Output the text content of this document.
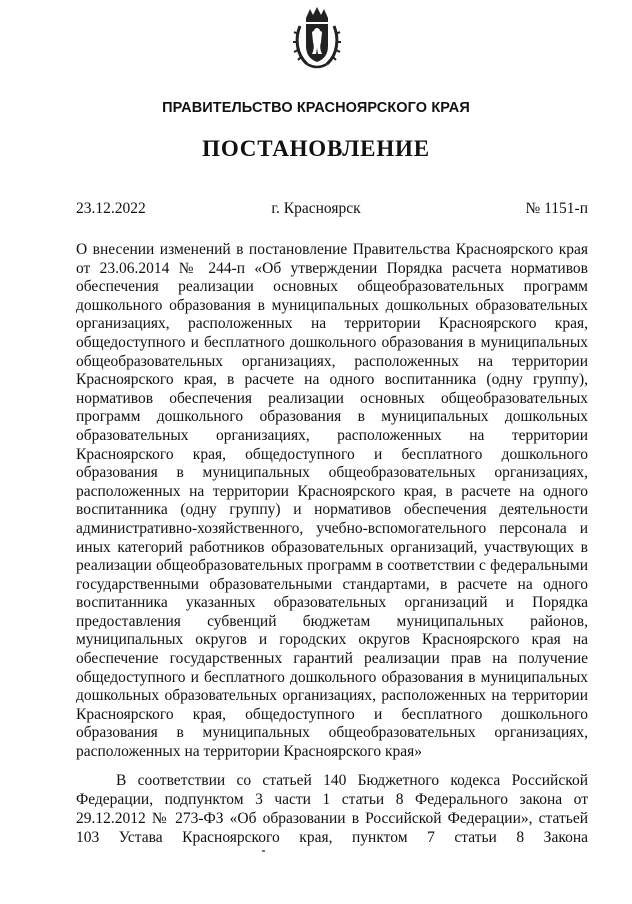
ПРАВИТЕЛЬСТВО КРАСНОЯРСКОГО КРАЯ
ПОСТАНОВЛЕНИЕ
23.12.2022	г. Красноярск	№ 1151-п
О внесении изменений в постановление Правительства Красноярского края от 23.06.2014 № 244-п «Об утверждении Порядка расчета нормативов обеспечения реализации основных общеобразовательных программ дошкольного образования в муниципальных дошкольных образовательных организациях, расположенных на территории Красноярского края, общедоступного и бесплатного дошкольного образования в муниципальных общеобразовательных организациях, расположенных на территории Красноярского края, в расчете на одного воспитанника (одну группу), нормативов обеспечения реализации основных общеобразовательных программ дошкольного образования в муниципальных дошкольных образовательных организациях, расположенных на территории Красноярского края, общедоступного и бесплатного дошкольного образования в муниципальных общеобразовательных организациях, расположенных на территории Красноярского края, в расчете на одного воспитанника (одну группу) и нормативов обеспечения деятельности административно-хозяйственного, учебно-вспомогательного персонала и иных категорий работников образовательных организаций, участвующих в реализации общеобразовательных программ в соответствии с федеральными государственными образовательными стандартами, в расчете на одного воспитанника указанных образовательных организаций и Порядка предоставления субвенций бюджетам муниципальных районов, муниципальных округов и городских округов Красноярского края на обеспечение государственных гарантий реализации прав на получение общедоступного и бесплатного дошкольного образования в муниципальных дошкольных образовательных организациях, расположенных на территории Красноярского края, общедоступного и бесплатного дошкольного образования в муниципальных общеобразовательных организациях, расположенных на территории Красноярского края»
В соответствии со статьей 140 Бюджетного кодекса Российской Федерации, подпунктом 3 части 1 статьи 8 Федерального закона от 29.12.2012 № 273-ФЗ «Об образовании в Российской Федерации», статьей 103 Устава Красноярского края, пунктом 7 статьи 8 Закона
